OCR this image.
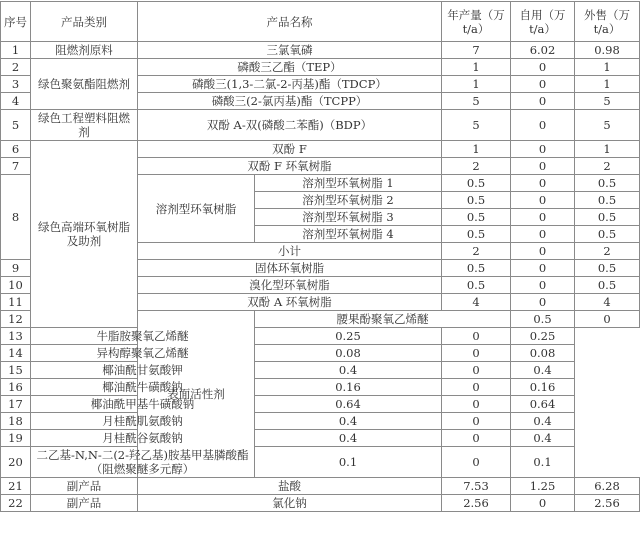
序号	产品类别	产品名称		年产量（万 t/a）	自用（万 t/a）	外售（万 t/a）	
1	阻燃剂原料	三氯氧磷		7	6.02	0.98	
2	绿色聚氨酯阻燃剂	磷酸三乙酯（TEP）		1	0	1	
3		磷酸三(1,3-二氯-2-丙基)酯（TDCP）		1	0	1	
4		磷酸三(2-氯丙基)酯（TCPP）		5	0	5	
5	绿色工程塑料阻燃剂	双酚 A-双(磷酸二苯酯)（BDP）		5	0	5	
6	绿色高端环氧树脂及助剂	双酚 F		1	0	1	
7		双酚 F 环氧树脂		2	0	2	
8		溶剂型环氧树脂	溶剂型环氧树脂 1	0.5	0	0.5	
			溶剂型环氧树脂 2	0.5	0	0.5	
			溶剂型环氧树脂 3	0.5	0	0.5	
			溶剂型环氧树脂 4	0.5	0	0.5	
		小计		2	0	2	
9		固体环氧树脂		0.5	0	0.5	
10		溴化型环氧树脂		0.5	0	0.5	
11		双酚 A 环氧树脂		4	0	4	
12		表面活性剂	腰果酚聚氧乙烯醚		0.5	0	
13	牛脂胺聚氧乙烯醚		0.25	0	0.25		
14	异构醇聚氧乙烯醚		0.08	0	0.08		
15	椰油酰甘氨酸钾		0.4	0	0.4		
16	椰油酰牛磺酸钠		0.16	0	0.16		
17	椰油酰甲基牛磺酸钠		0.64	0	0.64		
18	月桂酰肌氨酸钠		0.4	0	0.4		
19	月桂酰谷氨酸钠		0.4	0	0.4		
20	二乙基-N,N-二(2-羟乙基)胺基甲基膦酸酯（阻燃聚醚多元醇）		0.1	0	0.1		
21	副产品	盐酸		7.53	1.25	6.28	
22	副产品	氯化钠		2.56	0	2.56	
